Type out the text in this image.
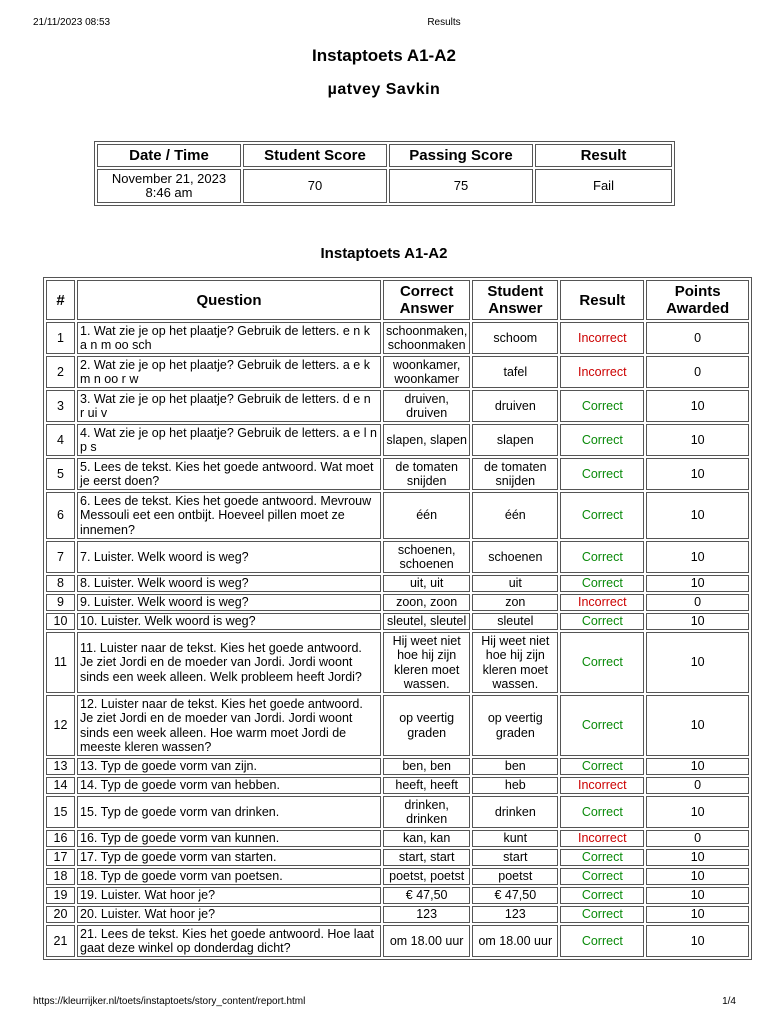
21/11/2023 08:53	Results
Instaptoets A1-A2
µatvey Savkin
Date / Time	Student Score	Passing Score	Result

November 21, 2023
8:46 am	70	75	Fail
Instaptoets A1-A2
#	Question	Correct Answer	Student Answer	Result	Points Awarded
1	1. Wat zie je op het plaatje? Gebruik de letters. e n k a n m oo sch	schoonmaken, schoonmaken	schoom	Incorrect	0
2	2. Wat zie je op het plaatje? Gebruik de letters. a e k m n oo r w	woonkamer, woonkamer	tafel	Incorrect	0
3	3. Wat zie je op het plaatje? Gebruik de letters. d e n r ui v	druiven, druiven	druiven	Correct	10
4	4. Wat zie je op het plaatje? Gebruik de letters. a e l n p s	slapen, slapen	slapen	Correct	10
5	5. Lees de tekst. Kies het goede antwoord. Wat moet je eerst doen?	de tomaten snijden	de tomaten snijden	Correct	10
6	6. Lees de tekst. Kies het goede antwoord. Mevrouw Messouli eet een ontbijt. Hoeveel pillen moet ze innemen?	één	één	Correct	10
7	7. Luister. Welk woord is weg?	schoenen, schoenen	schoenen	Correct	10
8	8. Luister. Welk woord is weg?	uit, uit	uit	Correct	10
9	9. Luister. Welk woord is weg?	zoon, zoon	zon	Incorrect	0
10	10. Luister. Welk woord is weg?	sleutel, sleutel	sleutel	Correct	10
11	11. Luister naar de tekst. Kies het goede antwoord. Je ziet Jordi en de moeder van Jordi. Jordi woont sinds een week alleen. Welk probleem heeft Jordi?	Hij weet niet hoe hij zijn kleren moet wassen.	Hij weet niet hoe hij zijn kleren moet wassen.	Correct	10
12	12. Luister naar de tekst. Kies het goede antwoord. Je ziet Jordi en de moeder van Jordi. Jordi woont sinds een week alleen. Hoe warm moet Jordi de meeste kleren wassen?	op veertig graden	op veertig graden	Correct	10
13	13. Typ de goede vorm van zijn.	ben, ben	ben	Correct	10
14	14. Typ de goede vorm van hebben.	heeft, heeft	heb	Incorrect	0
15	15. Typ de goede vorm van drinken.	drinken, drinken	drinken	Correct	10
16	16. Typ de goede vorm van kunnen.	kan, kan	kunt	Incorrect	0
17	17. Typ de goede vorm van starten.	start, start	start	Correct	10
18	18. Typ de goede vorm van poetsen.	poetst, poetst	poetst	Correct	10
19	19. Luister. Wat hoor je?	€ 47,50	€ 47,50	Correct	10
20	20. Luister. Wat hoor je?	123	123	Correct	10
21	21. Lees de tekst. Kies het goede antwoord. Hoe laat gaat deze winkel op donderdag dicht?	om 18.00 uur	om 18.00 uur	Correct	10
https://kleurrijker.nl/toets/instaptoets/story_content/report.html	1/4
